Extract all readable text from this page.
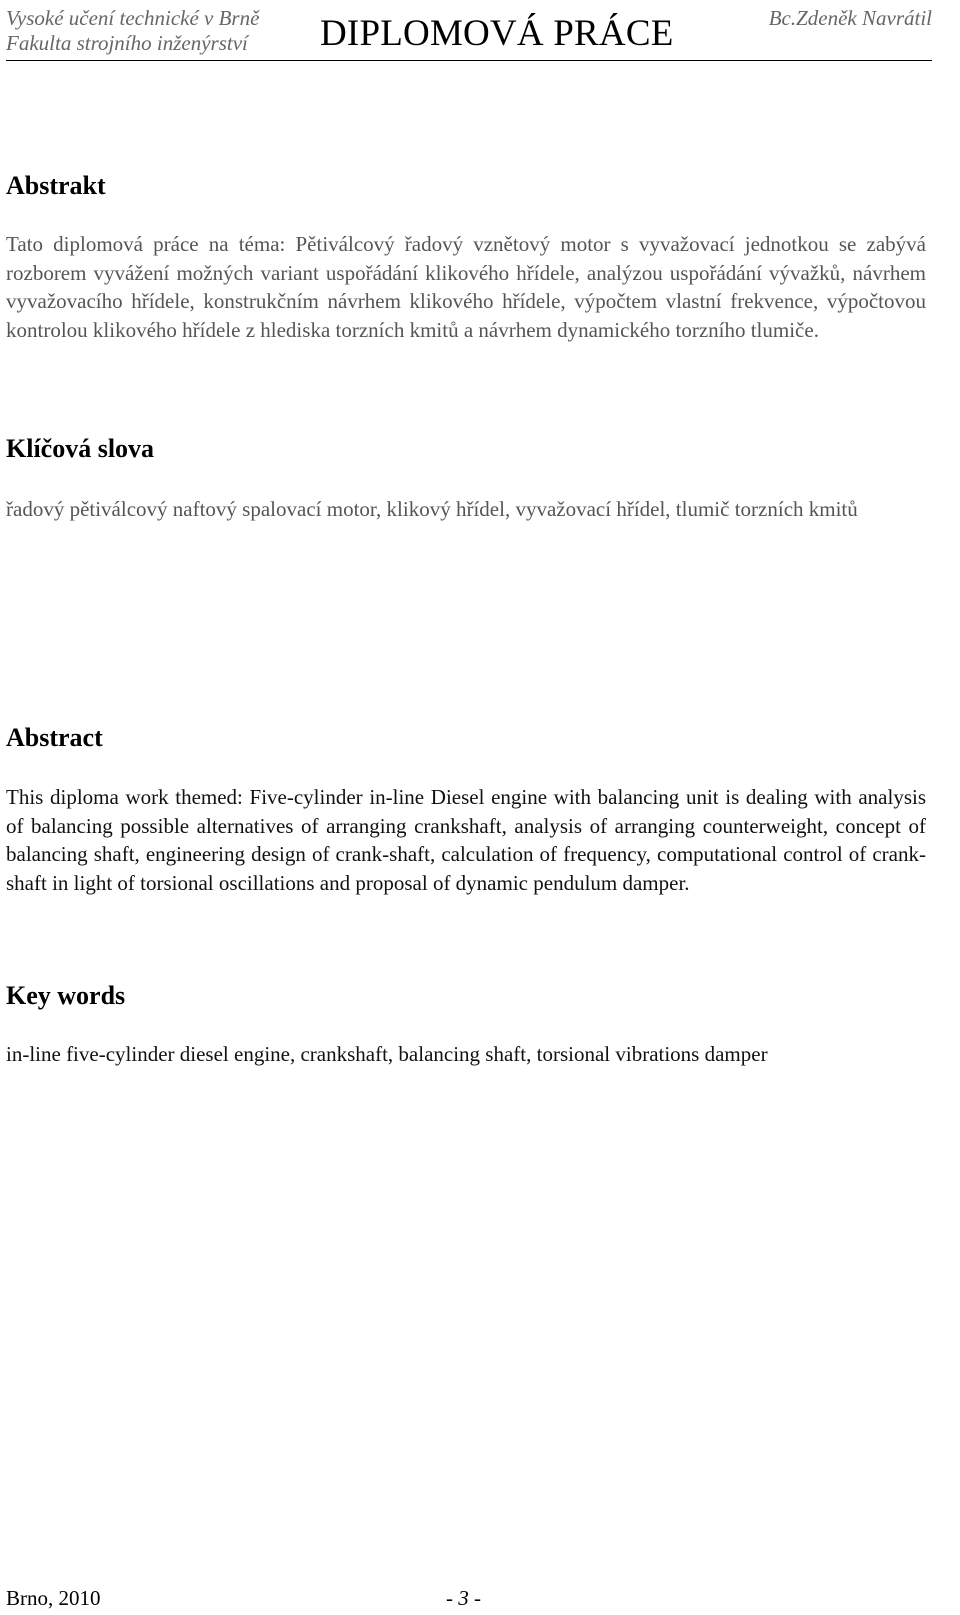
Vysoké učení technické v Brně
Fakulta strojního inženýrství	DIPLOMOVÁ PRÁCE	Bc.Zdeněk Navrátil
Abstrakt

Tato diplomová práce na téma: Pětiválcový řadový vznětový motor s vyvažovací jednotkou se zabývá rozborem vyvážení možných variant uspořádání klikového hřídele, analýzou uspořádání vývažků, návrhem vyvažovacího hřídele, konstrukčním návrhem klikového hřídele, výpočtem vlastní frekvence, výpočtovou kontrolou klikového hřídele z hlediska torzních kmitů a návrhem dynamického torzního tlumiče.

Klíčová slova

řadový pětiválcový naftový spalovací motor, klikový hřídel, vyvažovací hřídel, tlumič torzních kmitů

Abstract

This diploma work themed: Five-cylinder in-line Diesel engine with balancing unit is dealing with analysis of balancing possible alternatives of arranging crankshaft, analysis of arranging counterweight, concept of balancing shaft, engineering design of crank-shaft, calculation of frequency, computational control of crank-shaft in light of torsional oscillations and proposal of dynamic pendulum damper.

Key words

in-line five-cylinder diesel engine, crankshaft, balancing shaft, torsional vibrations damper

Brno, 2010	- 3 -
